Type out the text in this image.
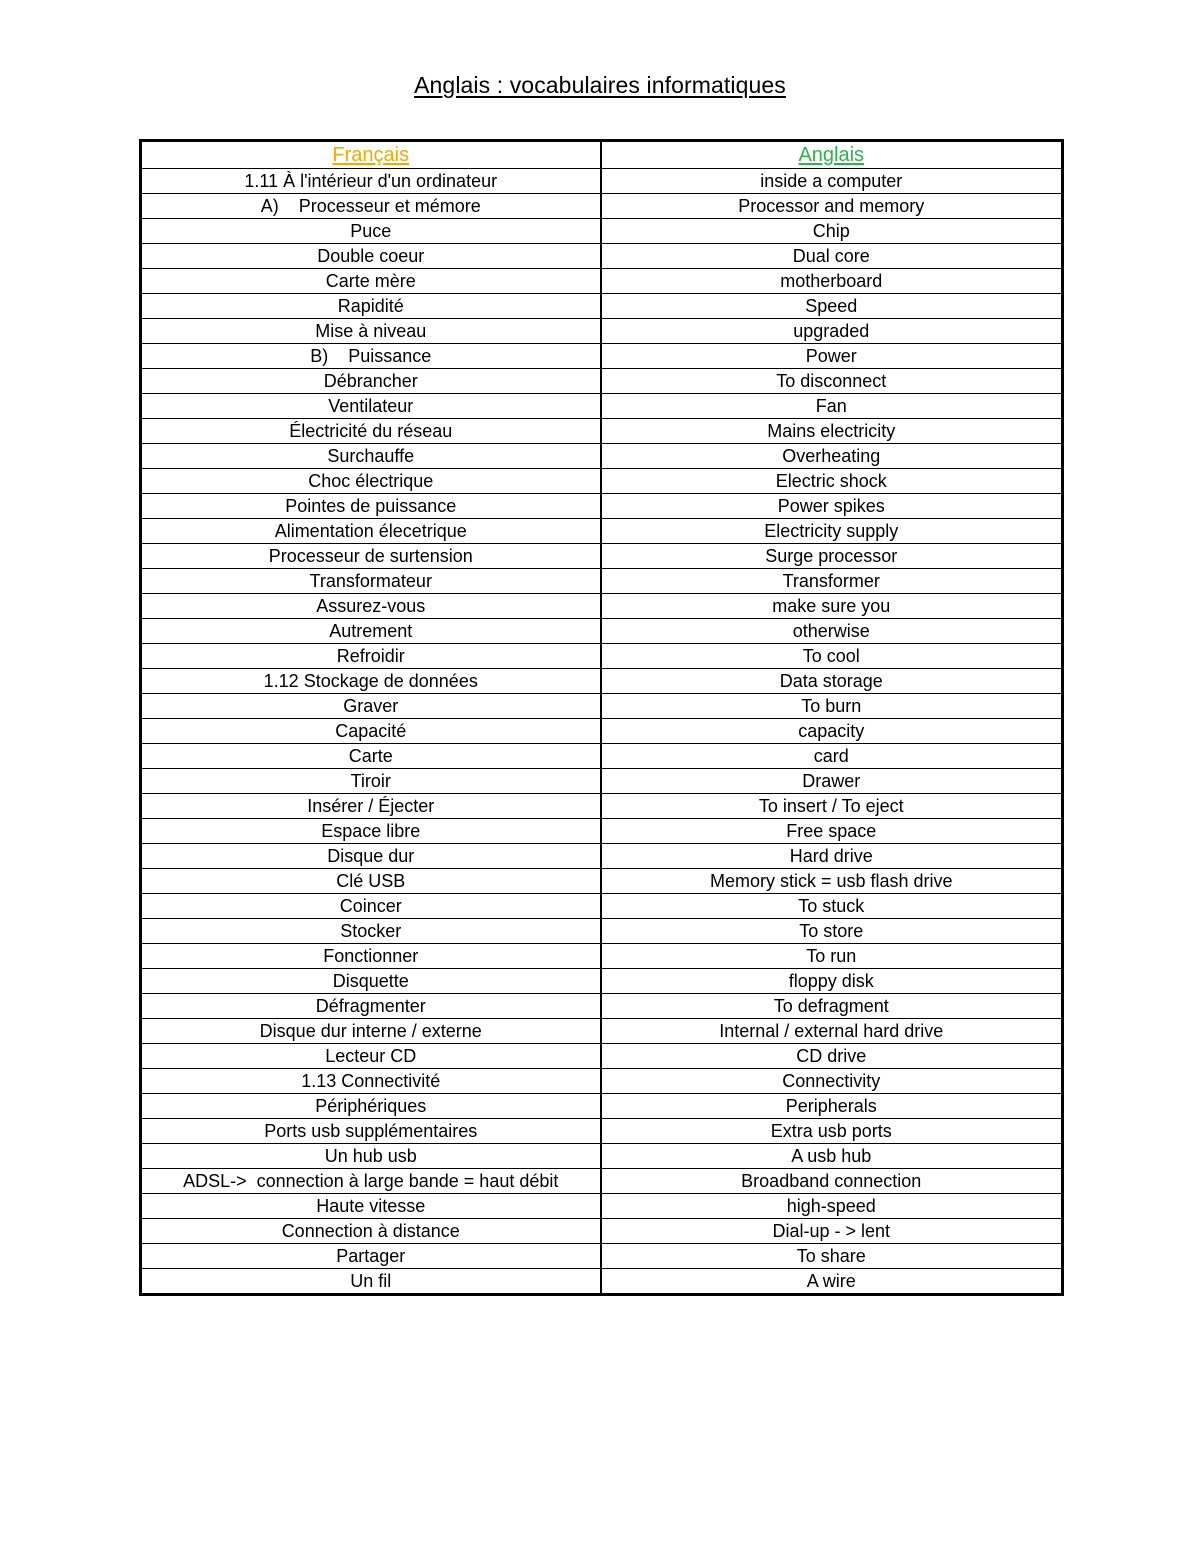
Anglais : vocabulaires informatiques
Français	Anglais
1.11 À l'intérieur d'un ordinateur	inside a computer
A)    Processeur et mémore	Processor and memory
Puce	Chip
Double coeur	Dual core
Carte mère	motherboard
Rapidité	Speed
Mise à niveau	upgraded
B)    Puissance	Power
Débrancher	To disconnect
Ventilateur	Fan
Électricité du réseau	Mains electricity
Surchauffe	Overheating
Choc électrique	Electric shock
Pointes de puissance	Power spikes
Alimentation élecetrique	Electricity supply
Processeur de surtension	Surge processor
Transformateur	Transformer
Assurez-vous	make sure you
Autrement	otherwise
Refroidir	To cool
1.12 Stockage de données	Data storage
Graver	To burn
Capacité	capacity
Carte	card
Tiroir	Drawer
Insérer / Éjecter	To insert / To eject
Espace libre	Free space
Disque dur	Hard drive
Clé USB	Memory stick = usb flash drive
Coincer	To stuck
Stocker	To store
Fonctionner	To run
Disquette	floppy disk
Défragmenter	To defragment
Disque dur interne / externe	Internal / external hard drive
Lecteur CD	CD drive
1.13 Connectivité	Connectivity
Périphériques	Peripherals
Ports usb supplémentaires	Extra usb ports
Un hub usb	A usb hub
ADSL->  connection à large bande = haut débit	Broadband connection
Haute vitesse	high-speed
Connection à distance	Dial-up - > lent
Partager	To share
Un fil	A wire
